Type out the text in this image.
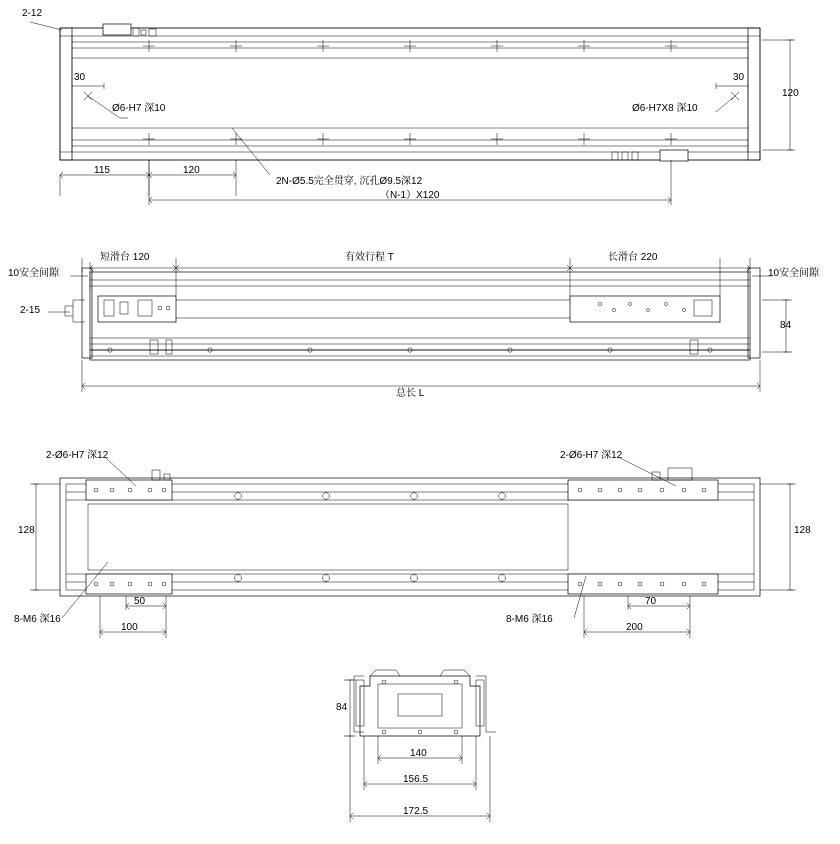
2-12
30	30
Ø6-H7 深10	Ø6-H7X8 深10
120
115	120
2N-Ø5.5完全贯穿, 沉孔Ø9.5深12
（N-1）X120
10安全间隙	10安全间隙
短滑台 120	有效行程 T	长滑台 220
2-15
84
总长 L
2-Ø6-H7 深12	2-Ø6-H7 深12
128	128
8-M6 深16	8-M6 深16
50
100
70
200
84
140
156.5
172.5
